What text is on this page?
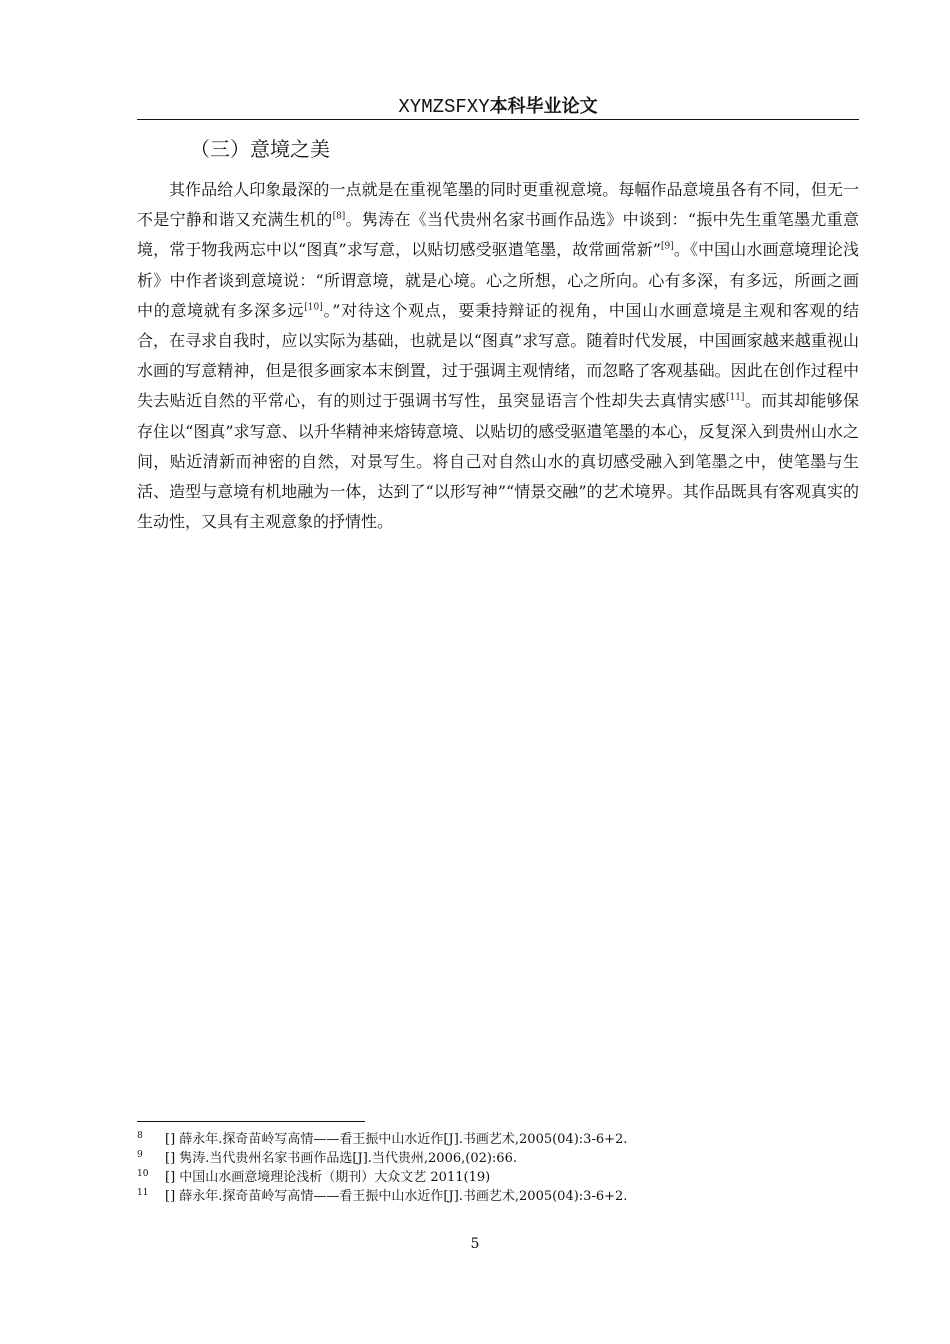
XYMZSFXY本科毕业论文
（三）意境之美

其作品给人印象最深的一点就是在重视笔墨的同时更重视意境。每幅作品意境虽各有不同，但无一不是宁静和谐又充满生机的[8]。隽涛在《当代贵州名家书画作品选》中谈到：“振中先生重笔墨尤重意境，常于物我两忘中以“图真”求写意，以贴切感受驱遣笔墨，故常画常新”[9]。《中国山水画意境理论浅析》中作者谈到意境说：“所谓意境，就是心境。心之所想，心之所向。心有多深，有多远，所画之画中的意境就有多深多远[10]。”对待这个观点，要秉持辩证的视角，中国山水画意境是主观和客观的结合，在寻求自我时，应以实际为基础，也就是以“图真”求写意。随着时代发展，中国画家越来越重视山水画的写意精神，但是很多画家本末倒置，过于强调主观情绪，而忽略了客观基础。因此在创作过程中失去贴近自然的平常心，有的则过于强调书写性，虽突显语言个性却失去真情实感[11]。而其却能够保存住以“图真”求写意、以升华精神来熔铸意境、以贴切的感受驱遣笔墨的本心，反复深入到贵州山水之间，贴近清新而神密的自然，对景写生。将自己对自然山水的真切感受融入到笔墨之中，使笔墨与生活、造型与意境有机地融为一体，达到了“以形写神”“情景交融”的艺术境界。其作品既具有客观真实的生动性，又具有主观意象的抒情性。

8 [] 薛永年.探奇苗岭写高情——看王振中山水近作[J].书画艺术,2005(04):3-6+2.
9 [] 隽涛.当代贵州名家书画作品选[J].当代贵州,2006,(02):66.
10 [] 中国山水画意境理论浅析（期刊）大众文艺 2011(19)
11 [] 薛永年.探奇苗岭写高情——看王振中山水近作[J].书画艺术,2005(04):3-6+2.
5
